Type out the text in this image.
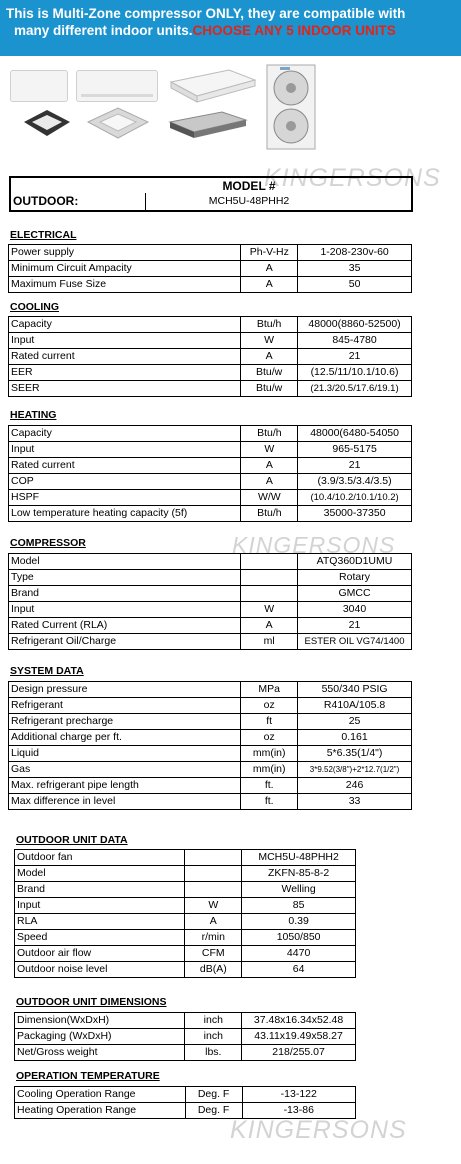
This is Multi-Zone compressor ONLY, they are compatible with
many different indoor units.CHOOSE ANY 5 INDOOR UNITS
KINGERSONS
KINGERSONS
KINGERSONS
MODEL #
OUTDOOR:	MCH5U-48PHH2
ELECTRICAL
Power supply	Ph-V-Hz	1-208-230v-60
Minimum Circuit Ampacity	A	35
Maximum Fuse Size	A	50
COOLING
Capacity	Btu/h	48000(8860-52500)
Input	W	845-4780
Rated current	A	21
EER	Btu/w	(12.5/11/10.1/10.6)
SEER	Btu/w	(21.3/20.5/17.6/19.1)
HEATING
Capacity	Btu/h	48000(6480-54050
Input	W	965-5175
Rated current	A	21
COP	A	(3.9/3.5/3.4/3.5)
HSPF	W/W	(10.4/10.2/10.1/10.2)
Low temperature heating capacity (5f)	Btu/h	35000-37350
COMPRESSOR
Model		ATQ360D1UMU
Type		Rotary
Brand		GMCC
Input	W	3040
Rated Current (RLA)	A	21
Refrigerant Oil/Charge	ml	ESTER OIL VG74/1400
SYSTEM DATA
Design pressure	MPa	550/340 PSIG
Refrigerant	oz	R410A/105.8
Refrigerant precharge	ft	25
Additional charge per ft.	oz	0.161
Liquid	mm(in)	5*6.35(1/4")
Gas	mm(in)	3*9.52(3/8")+2*12.7(1/2")
Max. refrigerant pipe length	ft.	246
Max difference in level	ft.	33
OUTDOOR UNIT DATA
Outdoor fan		MCH5U-48PHH2
Model		ZKFN-85-8-2
Brand		Welling
Input	W	85
RLA	A	0.39
Speed	r/min	1050/850
Outdoor air flow	CFM	4470
Outdoor noise level	dB(A)	64
OUTDOOR UNIT DIMENSIONS
Dimension(WxDxH)	inch	37.48x16.34x52.48
Packaging (WxDxH)	inch	43.11x19.49x58.27
Net/Gross weight	lbs.	218/255.07
OPERATION TEMPERATURE
Cooling Operation Range	Deg. F	-13-122
Heating Operation Range	Deg. F	-13-86
